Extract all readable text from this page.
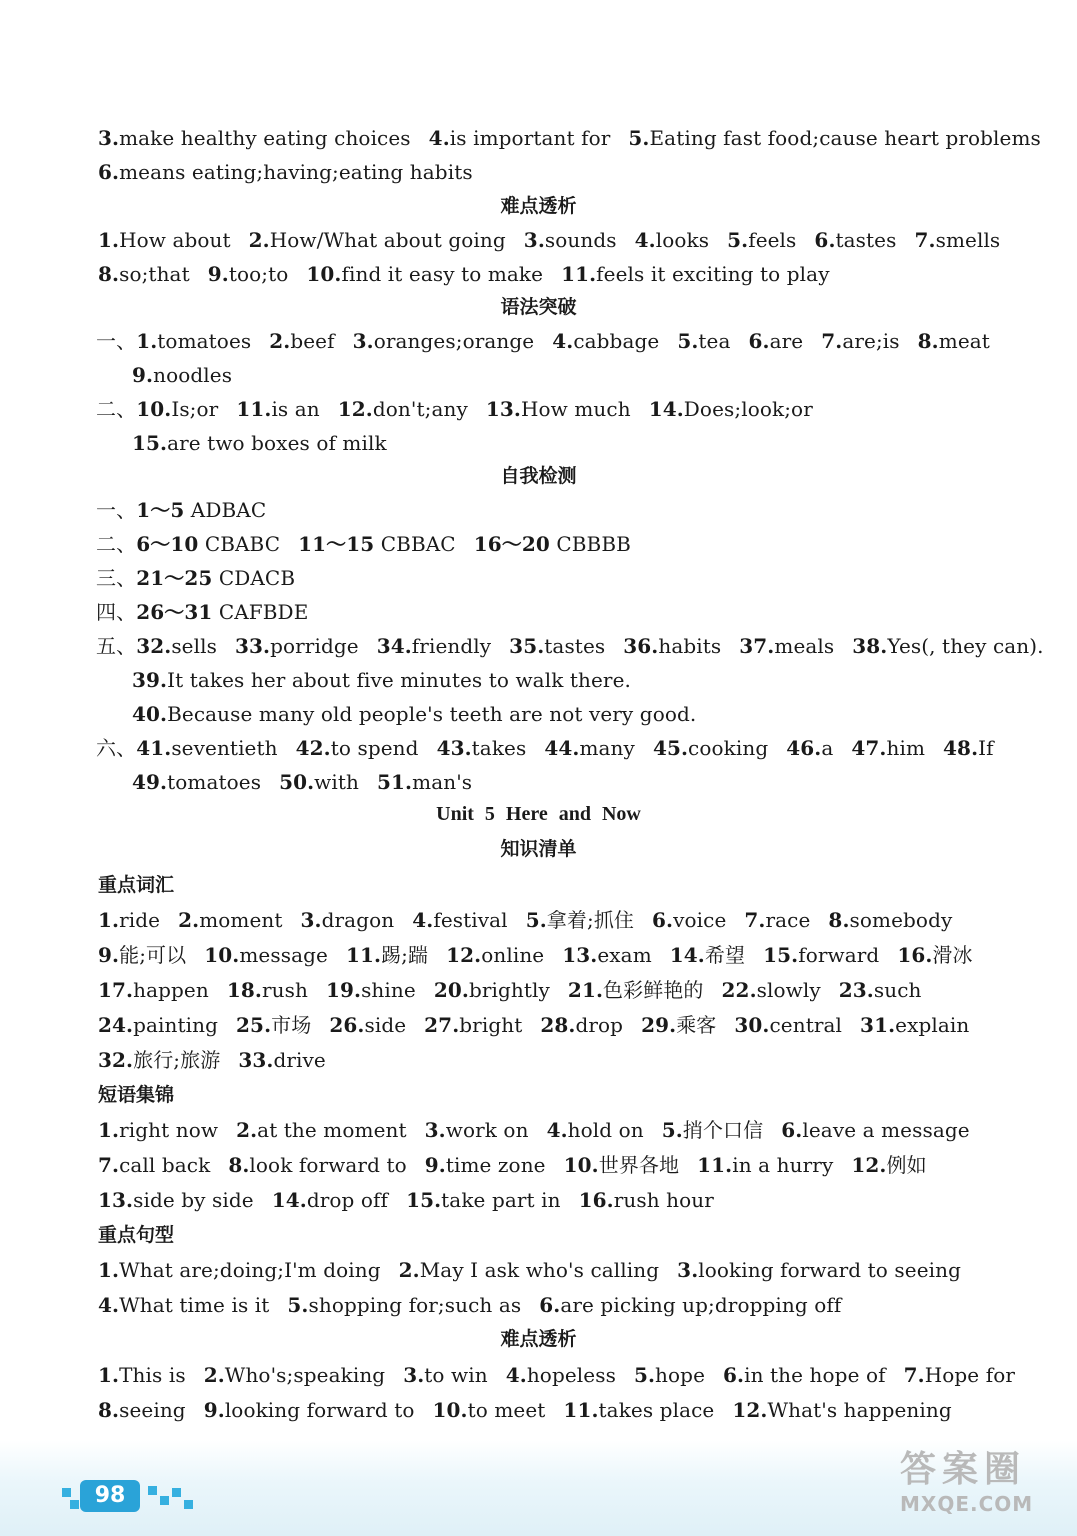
3.make healthy eating choices 4.is important for 5.Eating fast food;cause heart problems
6.means eating;having;eating habits
难点透析
1.How about 2.How/What about going 3.sounds 4.looks 5.feels 6.tastes 7.smells
8.so;that 9.too;to 10.find it easy to make 11.feels it exciting to play
语法突破
一、1.tomatoes 2.beef 3.oranges;orange 4.cabbage 5.tea 6.are 7.are;is 8.meat
9.noodles
二、10.Is;or 11.is an 12.don't;any 13.How much 14.Does;look;or
15.are two boxes of milk
自我检测
一、1～5 ADBAC
二、6～10 CBABC 11～15 CBBAC 16～20 CBBBB
三、21～25 CDACB
四、26～31 CAFBDE
五、32.sells 33.porridge 34.friendly 35.tastes 36.habits 37.meals 38.Yes(, they can).
39.It takes her about five minutes to walk there.
40.Because many old people's teeth are not very good.
六、41.seventieth 42.to spend 43.takes 44.many 45.cooking 46.a 47.him 48.If
49.tomatoes 50.with 51.man's
Unit 5 Here and Now
知识清单
重点词汇
1.ride 2.moment 3.dragon 4.festival 5.拿着;抓住 6.voice 7.race 8.somebody
9.能;可以 10.message 11.踢;踹 12.online 13.exam 14.希望 15.forward 16.滑冰
17.happen 18.rush 19.shine 20.brightly 21.色彩鲜艳的 22.slowly 23.such
24.painting 25.市场 26.side 27.bright 28.drop 29.乘客 30.central 31.explain
32.旅行;旅游 33.drive
短语集锦
1.right now 2.at the moment 3.work on 4.hold on 5.捎个口信 6.leave a message
7.call back 8.look forward to 9.time zone 10.世界各地 11.in a hurry 12.例如
13.side by side 14.drop off 15.take part in 16.rush hour
重点句型
1.What are;doing;I'm doing 2.May I ask who's calling 3.looking forward to seeing
4.What time is it 5.shopping for;such as 6.are picking up;dropping off
难点透析
1.This is 2.Who's;speaking 3.to win 4.hopeless 5.hope 6.in the hope of 7.Hope for
8.seeing 9.looking forward to 10.to meet 11.takes place 12.What's happening
98
答案圈
MXQE.COM
